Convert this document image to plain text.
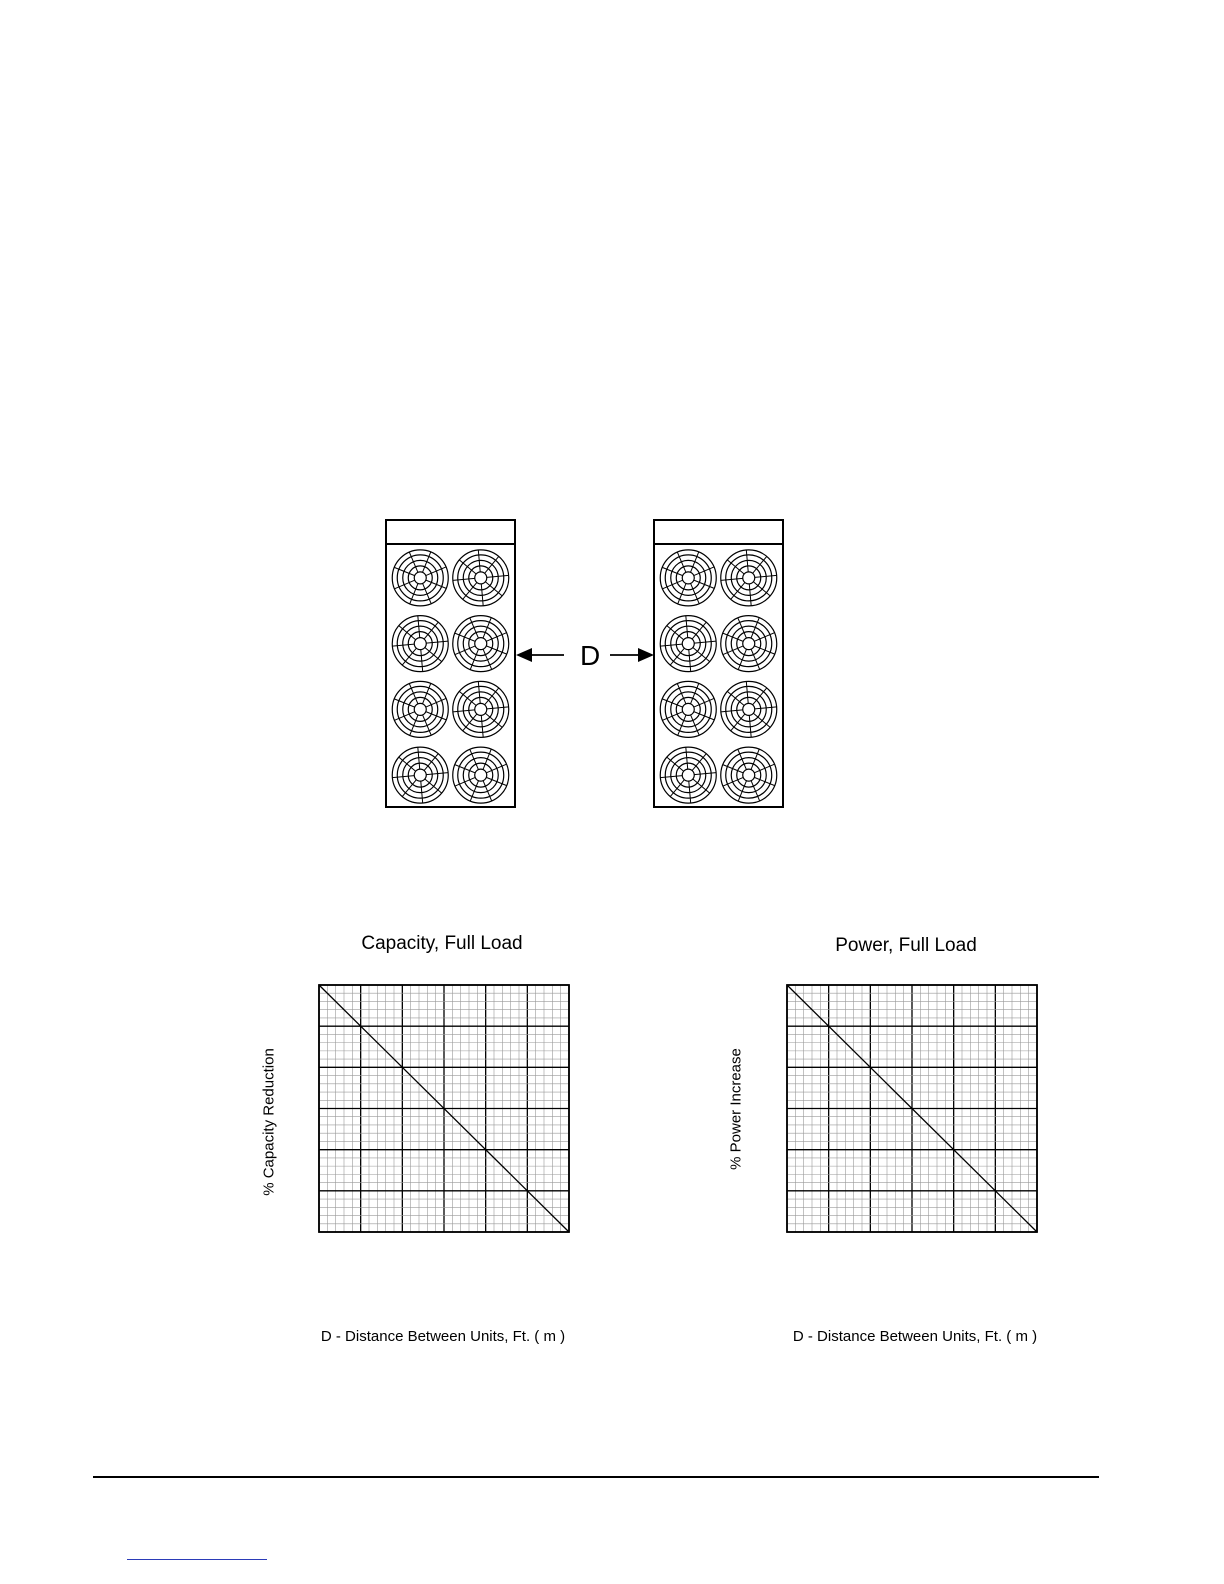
D
Capacity, Full Load
% Capacity Reduction
D - Distance Between Units, Ft. ( m )
Power, Full Load
% Power Increase
D - Distance Between Units, Ft. ( m )
